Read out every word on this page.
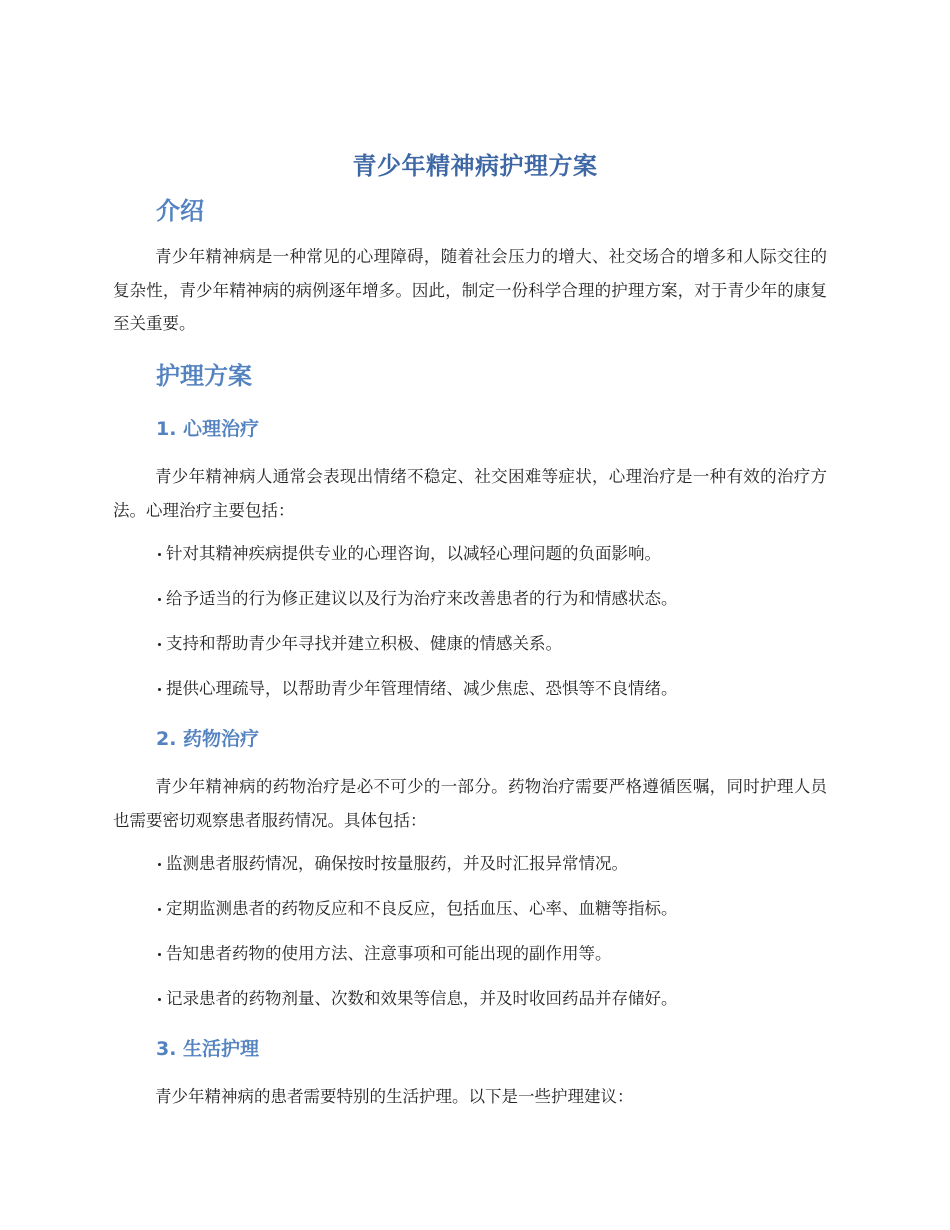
青少年精神病护理方案
介绍

青少年精神病是一种常见的心理障碍，随着社会压力的增大、社交场合的增多和人际交往的复杂性，青少年精神病的病例逐年增多。因此，制定一份科学合理的护理方案，对于青少年的康复至关重要。

护理方案
1. 心理治疗

青少年精神病人通常会表现出情绪不稳定、社交困难等症状，心理治疗是一种有效的治疗方法。心理治疗主要包括：

针对其精神疾病提供专业的心理咨询，以减轻心理问题的负面影响。
给予适当的行为修正建议以及行为治疗来改善患者的行为和情感状态。
支持和帮助青少年寻找并建立积极、健康的情感关系。
提供心理疏导，以帮助青少年管理情绪、减少焦虑、恐惧等不良情绪。
2. 药物治疗

青少年精神病的药物治疗是必不可少的一部分。药物治疗需要严格遵循医嘱，同时护理人员也需要密切观察患者服药情况。具体包括：

监测患者服药情况，确保按时按量服药，并及时汇报异常情况。
定期监测患者的药物反应和不良反应，包括血压、心率、血糖等指标。
告知患者药物的使用方法、注意事项和可能出现的副作用等。
记录患者的药物剂量、次数和效果等信息，并及时收回药品并存储好。
3. 生活护理

青少年精神病的患者需要特别的生活护理。以下是一些护理建议：
